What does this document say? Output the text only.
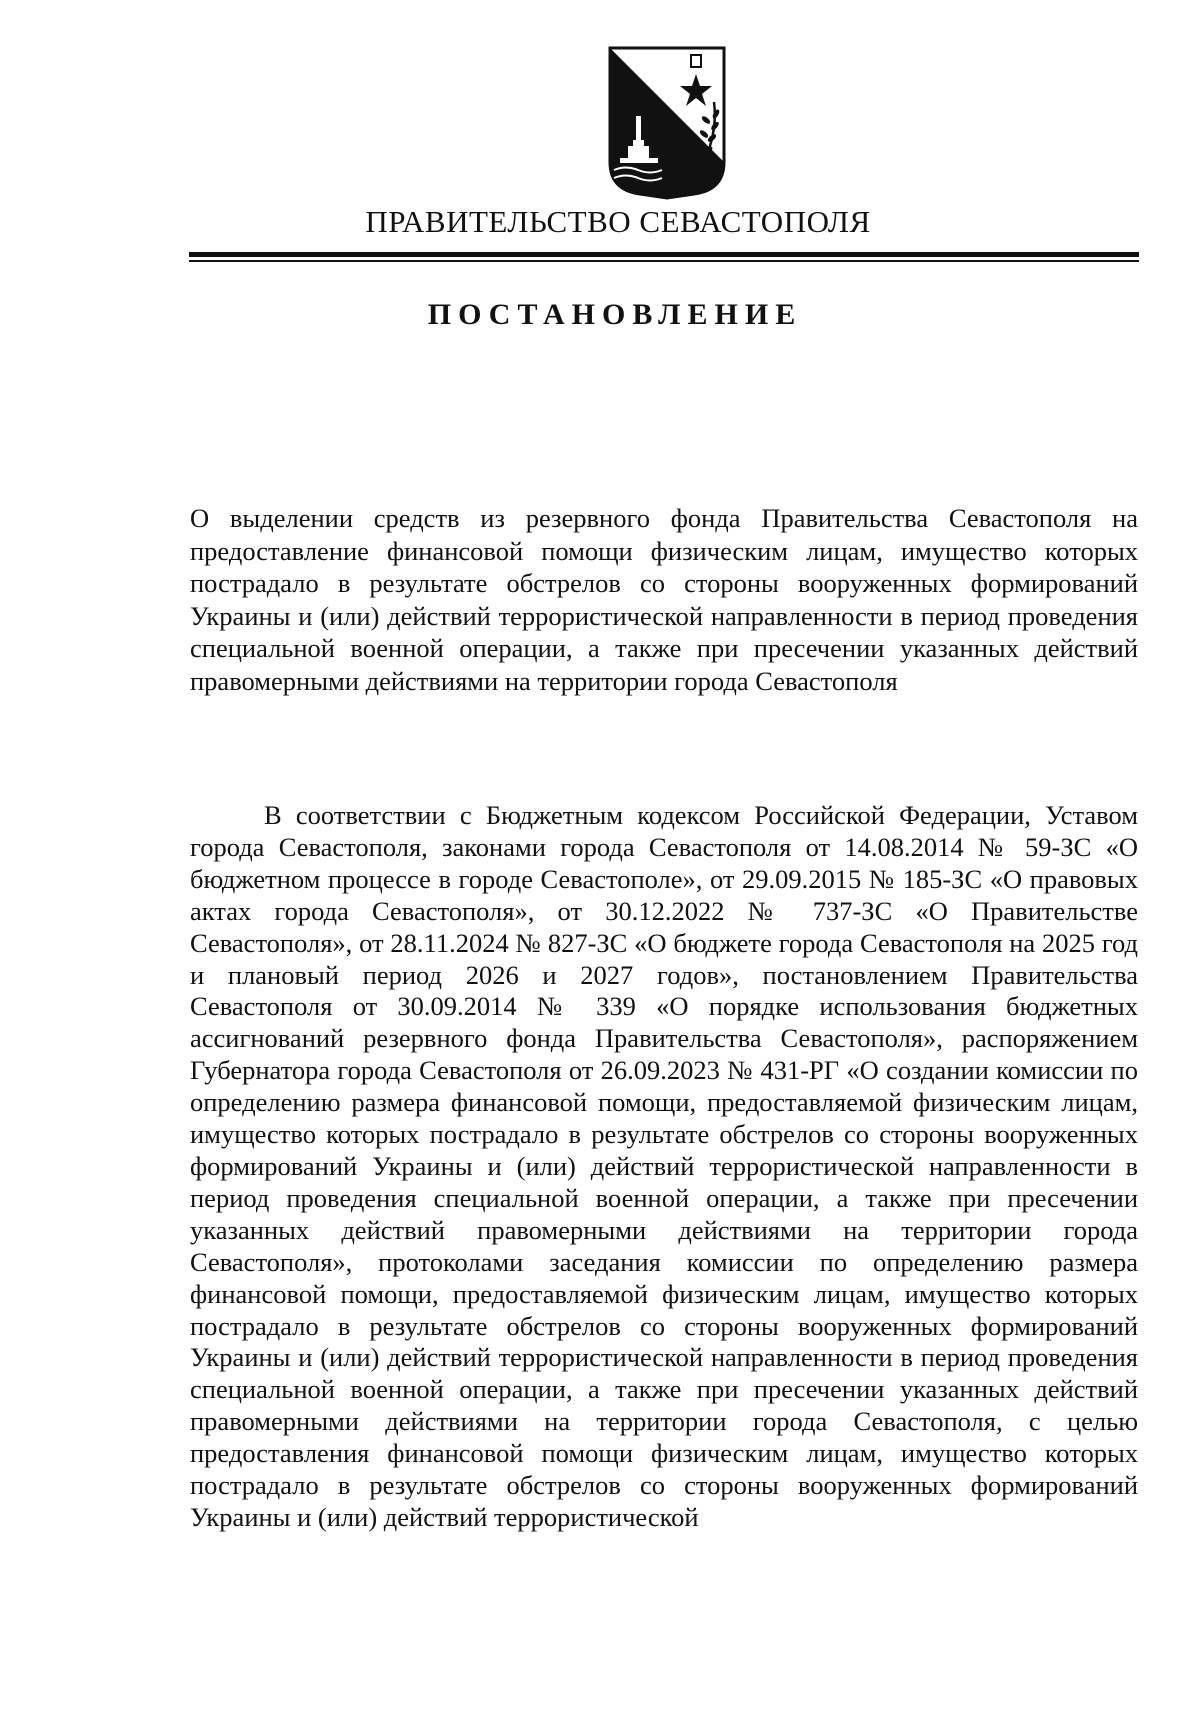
ПРАВИТЕЛЬСТВО СЕВАСТОПОЛЯ
ПОСТАНОВЛЕНИЕ
О выделении средств из резервного фонда Правительства Севастополя на предоставление финансовой помощи физическим лицам, имущество которых пострадало в результате обстрелов со стороны вооруженных формирований Украины и (или) действий террористической направленности в период проведения специальной военной операции, а также при пресечении указанных действий правомерными действиями на территории города Севастополя
В соответствии с Бюджетным кодексом Российской Федерации, Уставом города Севастополя, законами города Севастополя от 14.08.2014 № 59-ЗС «О бюджетном процессе в городе Севастополе», от 29.09.2015 № 185-ЗС «О правовых актах города Севастополя», от 30.12.2022 № 737-ЗС «О Правительстве Севастополя», от 28.11.2024 № 827-ЗС «О бюджете города Севастополя на 2025 год и плановый период 2026 и 2027 годов», постановлением Правительства Севастополя от 30.09.2014 № 339 «О порядке использования бюджетных ассигнований резервного фонда Правительства Севастополя», распоряжением Губернатора города Севастополя от 26.09.2023 № 431-РГ «О создании комиссии по определению размера финансовой помощи, предоставляемой физическим лицам, имущество которых пострадало в результате обстрелов со стороны вооруженных формирований Украины и (или) действий террористической направленности в период проведения специальной военной операции, а также при пресечении указанных действий правомерными действиями на территории города Севастополя», протоколами заседания комиссии по определению размера финансовой помощи, предоставляемой физическим лицам, имущество которых пострадало в результате обстрелов со стороны вооруженных формирований Украины и (или) действий террористической направленности в период проведения специальной военной операции, а также при пресечении указанных действий правомерными действиями на территории города Севастополя, с целью предоставления финансовой помощи физическим лицам, имущество которых пострадало в результате обстрелов со стороны вооруженных формирований Украины и (или) действий террористической
